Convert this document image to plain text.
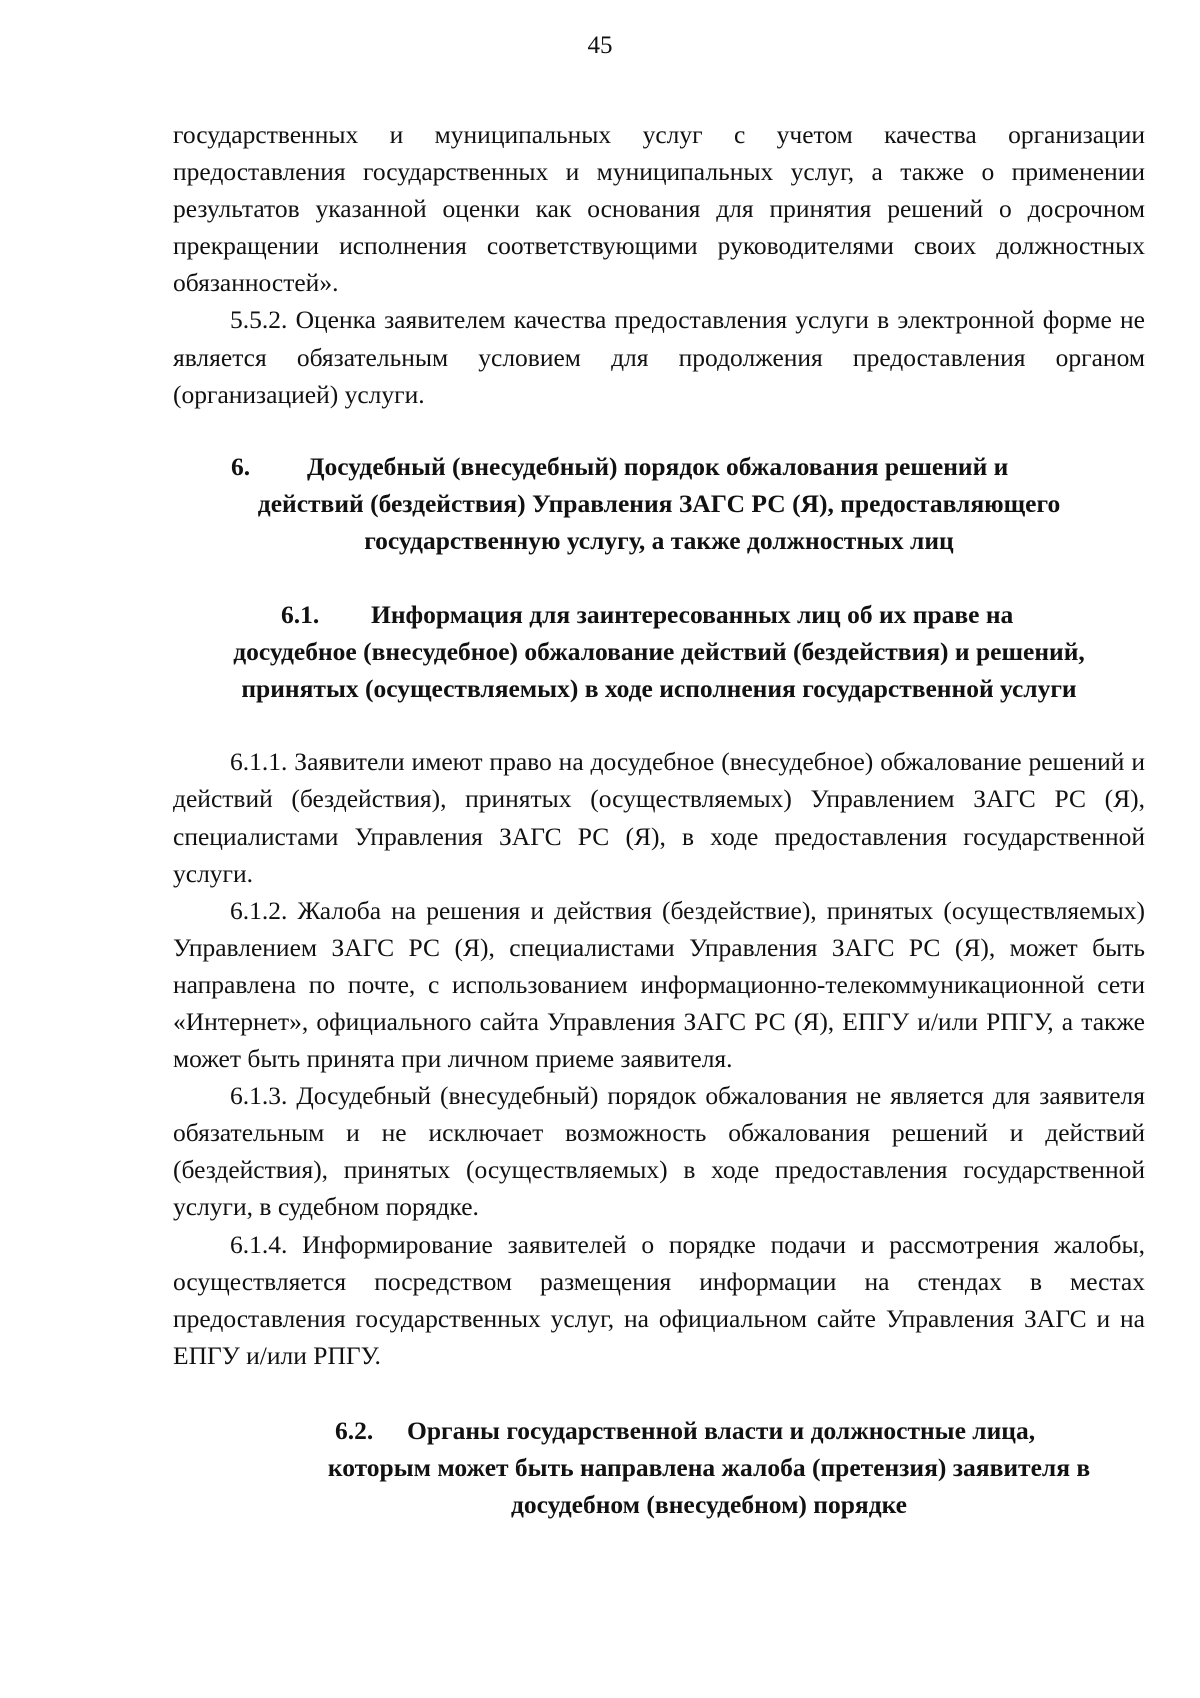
45

государственных и муниципальных услуг с учетом качества организации предоставления государственных и муниципальных услуг, а также о применении результатов указанной оценки как основания для принятия решений о досрочном прекращении исполнения соответствующими руководителями своих должностных обязанностей».

5.5.2. Оценка заявителем качества предоставления услуги в электронной форме не является обязательным условием для продолжения предоставления органом (организацией) услуги.

6. Досудебный (внесудебный) порядок обжалования решений и
действий (бездействия) Управления ЗАГС РС (Я), предоставляющего
государственную услугу, а также должностных лиц
6.1. Информация для заинтересованных лиц об их праве на
досудебное (внесудебное) обжалование действий (бездействия) и решений,
принятых (осуществляемых) в ходе исполнения государственной услуги

6.1.1. Заявители имеют право на досудебное (внесудебное) обжалование решений и действий (бездействия), принятых (осуществляемых) Управлением ЗАГС РС (Я), специалистами Управления ЗАГС РС (Я), в ходе предоставления государственной услуги.

6.1.2. Жалоба на решения и действия (бездействие), принятых (осуществляемых) Управлением ЗАГС РС (Я), специалистами Управления ЗАГС РС (Я), может быть направлена по почте, с использованием информационно-телекоммуникационной сети «Интернет», официального сайта Управления ЗАГС РС (Я), ЕПГУ и/или РПГУ, а также может быть принята при личном приеме заявителя.

6.1.3. Досудебный (внесудебный) порядок обжалования не является для заявителя обязательным и не исключает возможность обжалования решений и действий (бездействия), принятых (осуществляемых) в ходе предоставления государственной услуги, в судебном порядке.

6.1.4. Информирование заявителей о порядке подачи и рассмотрения жалобы, осуществляется посредством размещения информации на стендах в местах предоставления государственных услуг, на официальном сайте Управления ЗАГС и на ЕПГУ и/или РПГУ.

6.2. Органы государственной власти и должностные лица,
которым может быть направлена жалоба (претензия) заявителя в
досудебном (внесудебном) порядке
